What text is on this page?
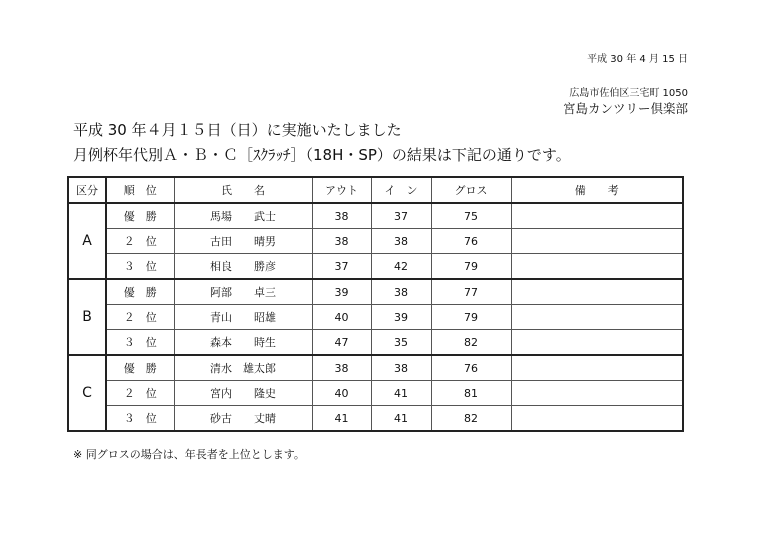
平成 30 年 4 月 15 日
広島市佐伯区三宅町 1050
宮島カンツリー倶楽部
平成 30 年４月１５日（日）に実施いたしました
月例杯年代別Ａ・Ｂ・Ｃ［ｽｸﾗｯﾁ］（18H・SP）の結果は下記の通りです。
区分	順　位	氏　　名	アウト	イ　ン	グロス	備　　考
A	優　勝	馬場　　武士	38	37	75	
	２　位	古田　　晴男	38	38	76	
	３　位	相良　　勝彦	37	42	79	
B	優　勝	阿部　　卓三	39	38	77	
	２　位	青山　　昭雄	40	39	79	
	３　位	森本　　時生	47	35	82	
C	優　勝	清水　雄太郎	38	38	76	
	２　位	宮内　　隆史	40	41	81	
	３　位	砂古　　丈晴	41	41	82	
※ 同グロスの場合は、年長者を上位とします。
